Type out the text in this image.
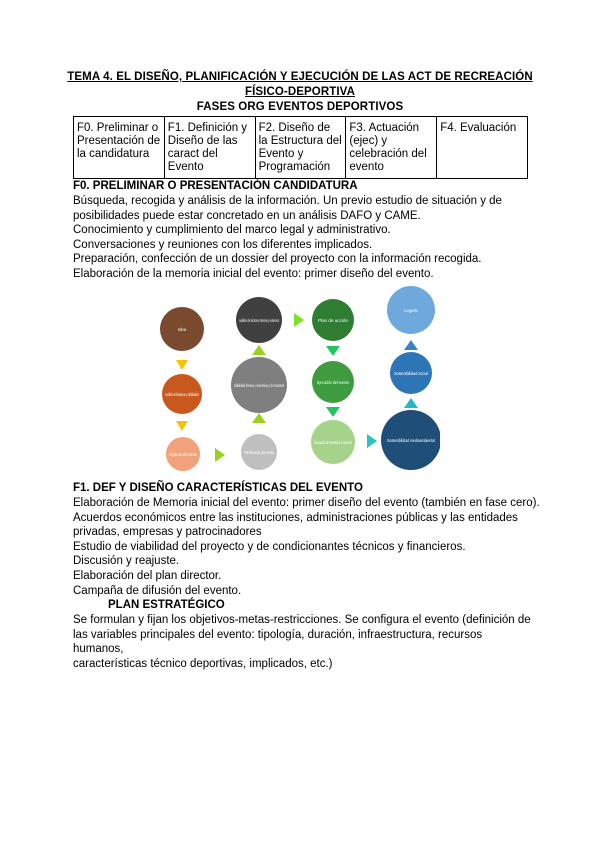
TEMA 4. EL DISEÑO, PLANIFICACIÓN Y EJECUCIÓN DE LAS ACT DE RECREACIÓN
FÍSICO-DEPORTIVA
FASES ORG EVENTOS DEPORTIVOS
F0. Preliminar o
Presentación de
la candidatura

F1. Definición y
Diseño de las
caract del
Evento

F2. Diseño de
la Estructura del
Evento y
Programación

F3. Actuación
(ejec) y
celebración del
evento

F4. Evaluación
F0. PRELIMINAR O PRESENTACIÓN CANDIDATURA
Búsqueda, recogida y análisis de la información. Un previo estudio de situación y de
posibilidades puede estar concretado en un análisis DAFO y CAME.
Conocimiento y cumplimiento del marco legal y administrativo.
Conversaciones y reuniones con los diferentes implicados.
Preparación, confección de un dossier del proyecto con la información recogida.
Elaboración de la memoria inicial del evento: primer diseño del evento.
Idea
Análisis de fortalezas y debilidades
Objetivos del evento
Análisis de factores internos y externos
Viabilidad técnica, económica y de recursos
Planificación del evento
Plan de acción
Ejecución del evento
Evaluación de resultados e impactos	Sostenibilidad medioambiental
Sostenibilidad social
Legado
F1. DEF Y DISEÑO CARACTERÍSTICAS DEL EVENTO
Elaboración de Memoria inicial del evento: primer diseño del evento (también en fase cero).
Acuerdos económicos entre las instituciones, administraciones públicas y las entidades
privadas, empresas y patrocinadores
Estudio de viabilidad del proyecto y de condicionantes técnicos y financieros.
Discusión y reajuste.
Elaboración del plan director.
Campaña de difusión del evento.
PLAN ESTRATÉGICO
Se formulan y fijan los objetivos-metas-restricciones. Se configura el evento (definición de
las variables principales del evento: tipología, duración, infraestructura, recursos humanos,
características técnico deportivas, implicados, etc.)
